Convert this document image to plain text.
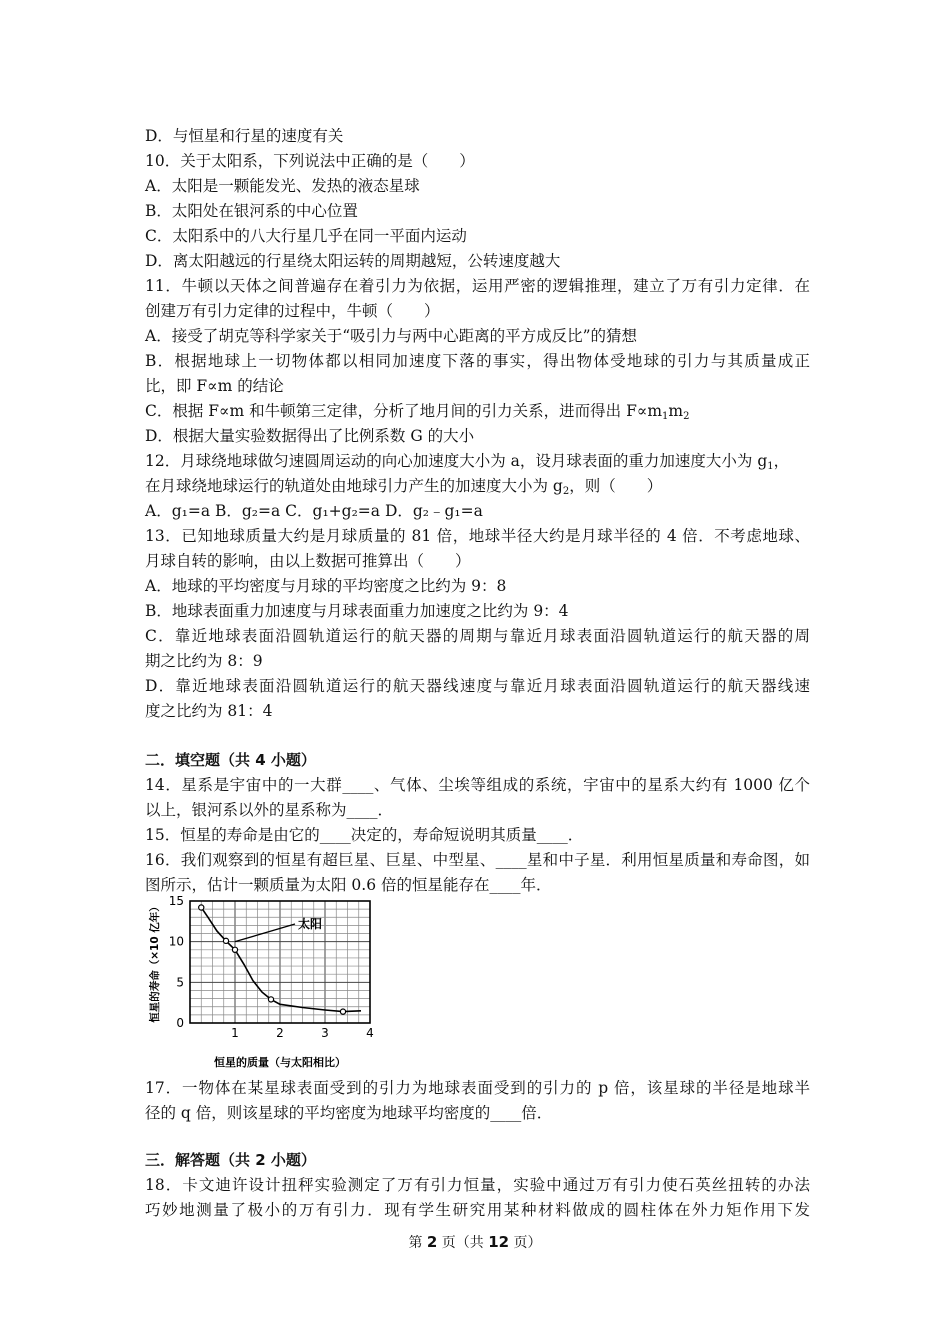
D．与恒星和行星的速度有关
10．关于太阳系，下列说法中正确的是（　　）
A．太阳是一颗能发光、发热的液态星球
B．太阳处在银河系的中心位置
C．太阳系中的八大行星几乎在同一平面内运动
D．离太阳越远的行星绕太阳运转的周期越短，公转速度越大
11．牛顿以天体之间普遍存在着引力为依据，运用严密的逻辑推理，建立了万有引力定律．在
创建万有引力定律的过程中，牛顿（　　）
A．接受了胡克等科学家关于“吸引力与两中心距离的平方成反比”的猜想
B．根据地球上一切物体都以相同加速度下落的事实，得出物体受地球的引力与其质量成正
比，即 F∝m 的结论
C．根据 F∝m 和牛顿第三定律，分析了地月间的引力关系，进而得出 $F\propto m_1m_2$
D．根据大量实验数据得出了比例系数 G 的大小
12．月球绕地球做匀速圆周运动的向心加速度大小为 a，设月球表面的重力加速度大小为 $g_1$，
在月球绕地球运行的轨道处由地球引力产生的加速度大小为 $g_2$，则（　　）
A．g₁=a B．g₂=a C．g₁+g₂=a D．g₂﹣g₁=a
13．已知地球质量大约是月球质量的 81 倍，地球半径大约是月球半径的 4 倍．不考虑地球、
月球自转的影响，由以上数据可推算出（　　）
A．地球的平均密度与月球的平均密度之比约为 9：8
B．地球表面重力加速度与月球表面重力加速度之比约为 9：4
C．靠近地球表面沿圆轨道运行的航天器的周期与靠近月球表面沿圆轨道运行的航天器的周
期之比约为 8：9
D．靠近地球表面沿圆轨道运行的航天器线速度与靠近月球表面沿圆轨道运行的航天器线速
度之比约为 81：4
二．填空题（共 4 小题）
14．星系是宇宙中的一大群____、气体、尘埃等组成的系统，宇宙中的星系大约有 1000 亿个
以上，银河系以外的星系称为____．
15．恒星的寿命是由它的____决定的，寿命短说明其质量____．
16．我们观察到的恒星有超巨星、巨星、中型星、____星和中子星．利用恒星质量和寿命图，如
图所示，估计一颗质量为太阳 0.6 倍的恒星能存在____年．
1	2	3	4
0
5
10
15
太阳
恒星的寿命（×10 亿年）
恒星的质量（与太阳相比）
17．一物体在某星球表面受到的引力为地球表面受到的引力的 p 倍，该星球的半径是地球半
径的 q 倍，则该星球的平均密度为地球平均密度的____倍．
三．解答题（共 2 小题）
18．卡文迪许设计扭秤实验测定了万有引力恒量，实验中通过万有引力使石英丝扭转的办法
巧妙地测量了极小的万有引力．现有学生研究用某种材料做成的圆柱体在外力矩作用下发
第 2 页（共 12 页）
